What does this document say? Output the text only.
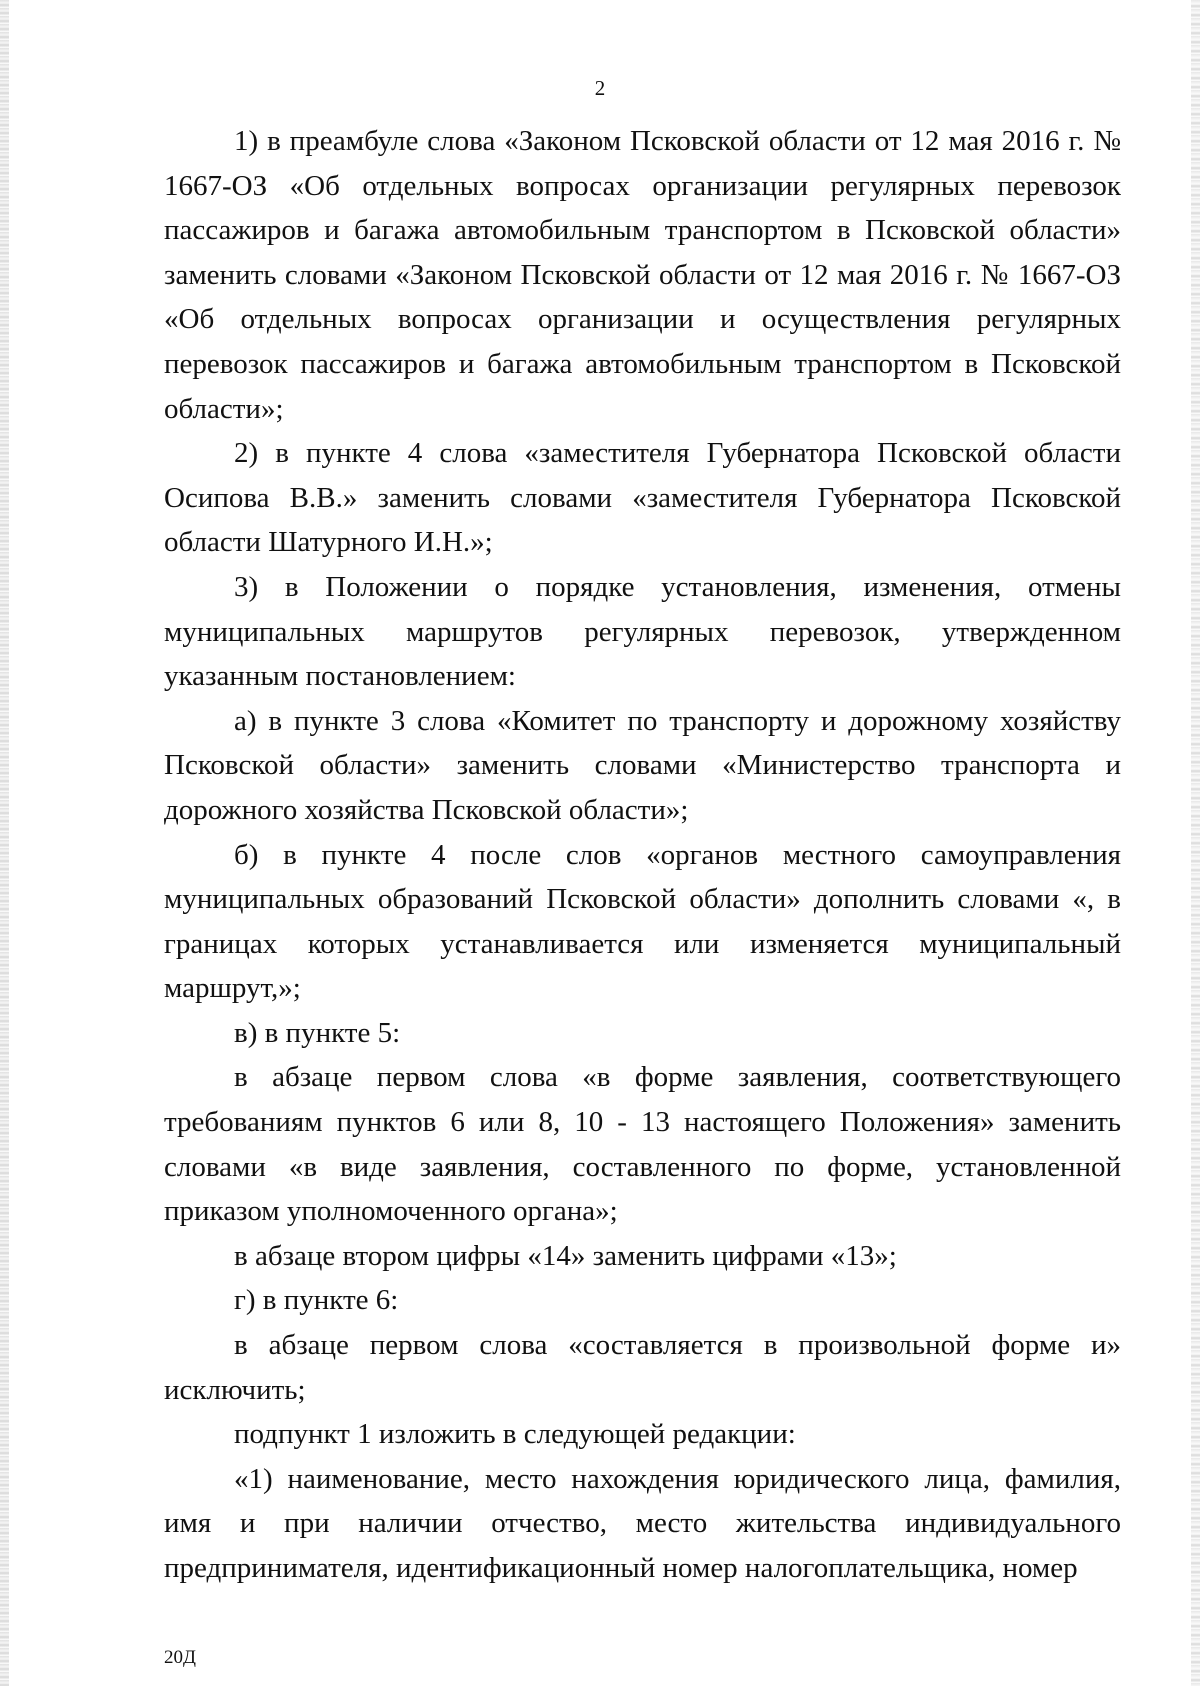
2

1) в преамбуле слова «Законом Псковской области от 12 мая 2016 г. № 1667-ОЗ «Об отдельных вопросах организации регулярных перевозок пассажиров и багажа автомобильным транспортом в Псковской области» заменить словами «Законом Псковской области от 12 мая 2016 г. № 1667-ОЗ «Об отдельных вопросах организации и осуществления регулярных перевозок пассажиров и багажа автомобильным транспортом в Псковской области»;

2) в пункте 4 слова «заместителя Губернатора Псковской области Осипова В.В.» заменить словами «заместителя Губернатора Псковской области Шатурного И.Н.»;

3) в Положении о порядке установления, изменения, отмены муниципальных маршрутов регулярных перевозок, утвержденном указанным постановлением:

а) в пункте 3 слова «Комитет по транспорту и дорожному хозяйству Псковской области» заменить словами «Министерство транспорта и дорожного хозяйства Псковской области»;

б) в пункте 4 после слов «органов местного самоуправления муниципальных образований Псковской области» дополнить словами «, в границах которых устанавливается или изменяется муниципальный маршрут,»;

в) в пункте 5:

в абзаце первом слова «в форме заявления, соответствующего требованиям пунктов 6 или 8, 10 - 13 настоящего Положения» заменить словами «в виде заявления, составленного по форме, установленной приказом уполномоченного органа»;

в абзаце втором цифры «14» заменить цифрами «13»;

г) в пункте 6:

в абзаце первом слова «составляется в произвольной форме и» исключить;

подпункт 1 изложить в следующей редакции:

«1) наименование, место нахождения юридического лица, фамилия, имя и при наличии отчество, место жительства индивидуального предпринимателя, идентификационный номер налогоплательщика, номер

20Д
